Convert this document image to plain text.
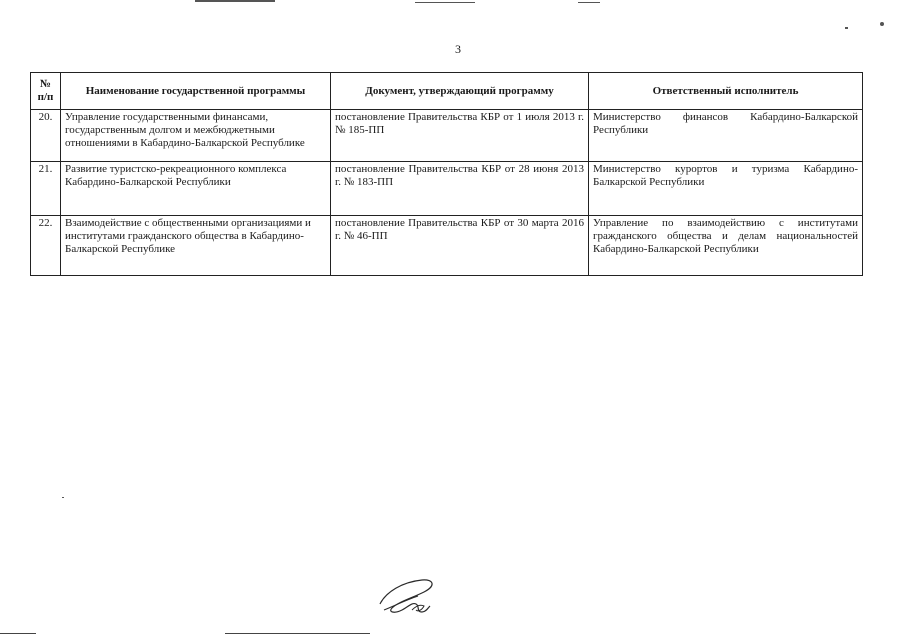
3
№ п/п	Наименование государственной программы	Документ, утверждающий программу	Ответственный исполнитель
20.	Управление государственными финансами, государственным долгом и межбюджетными отношениями в Кабардино-Балкарской Республике	постановление Правительства КБР от 1 июля 2013 г. № 185-ПП	Министерство финансов Кабардино-Балкарской Республики
21.	Развитие туристско-рекреационного комплекса Кабардино-Балкарской Республики	постановление Правительства КБР от 28 июня 2013 г. № 183-ПП	Министерство курортов и туризма Кабардино-Балкарской Республики
22.	Взаимодействие с общественными организациями и институтами гражданского общества в Кабардино-Балкарской Республике	постановление Правительства КБР от 30 марта 2016 г. № 46-ПП	Управление по взаимодействию с институтами гражданского общества и делам национальностей Кабардино-Балкарской Республики
